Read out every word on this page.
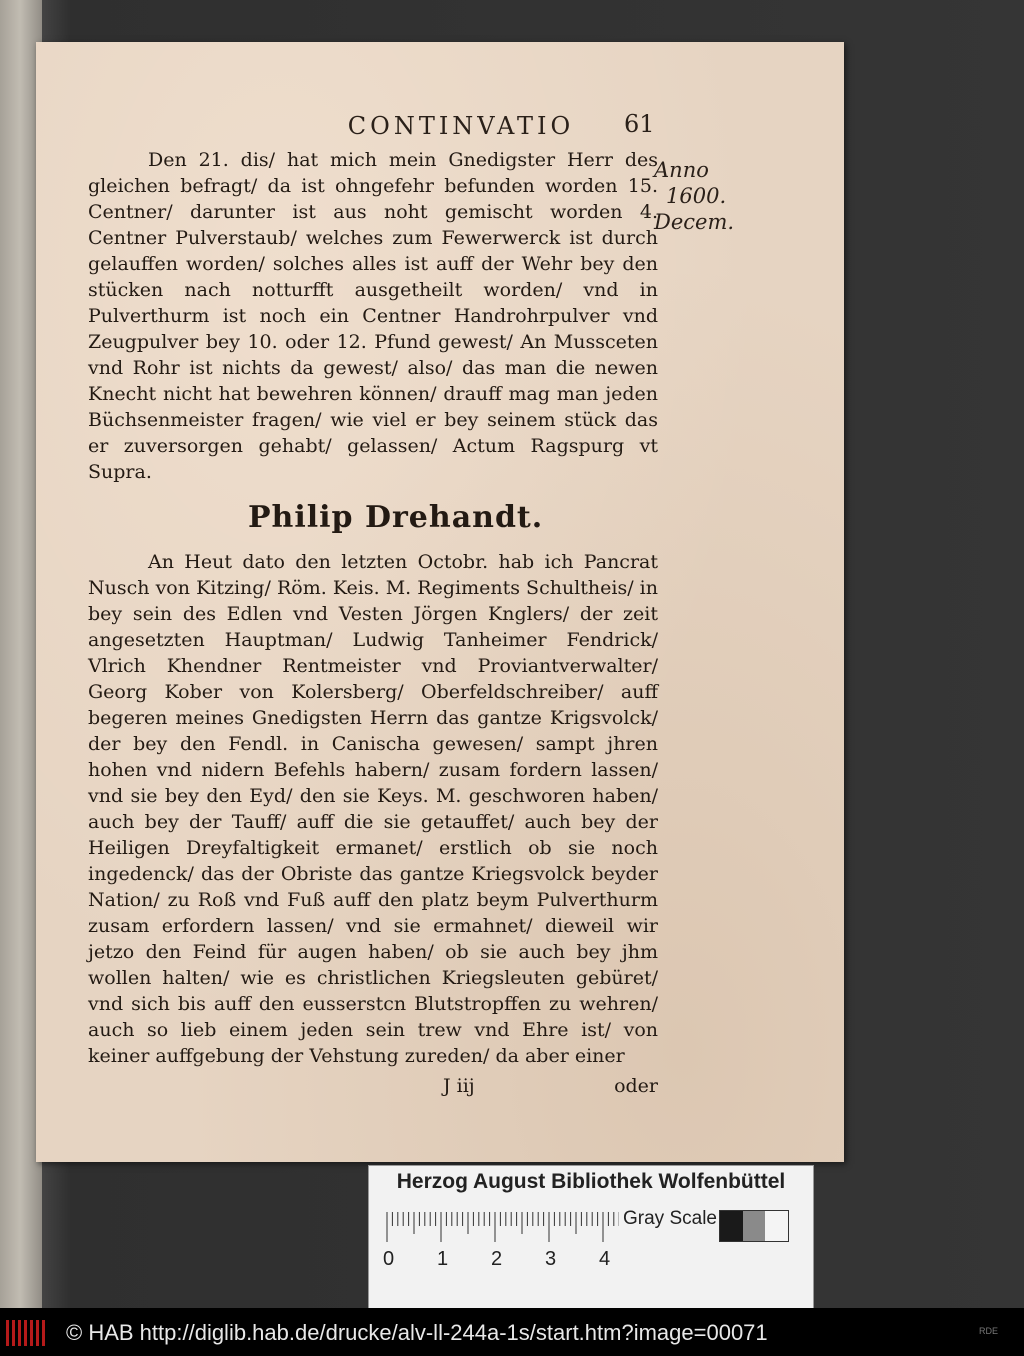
CONTINVATIO	61
Anno
1600.
Decem.

Den 21. dis/ hat mich mein Gnedigster Herr des gleichen befragt/ da ist ohngefehr befunden worden 15. Centner/ darunter ist aus noht gemischt worden 4. Centner Pulverstaub/ welches zum Fewerwerck ist durch gelauffen worden/ solches alles ist auff der Wehr bey den stücken nach notturfft ausgetheilt worden/ vnd in Pulverthurm ist noch ein Centner Handrohrpulver vnd Zeugpulver bey 10. oder 12. Pfund gewest/ An Mussceten vnd Rohr ist nichts da gewest/ also/ das man die newen Knecht nicht hat bewehren können/ drauff mag man jeden Büchsenmeister fragen/ wie viel er bey seinem stück das er zuversorgen gehabt/ gelassen/ Actum Ragspurg vt Supra.

Philip Drehandt.

An Heut dato den letzten Octobr. hab ich Pancrat Nusch von Kitzing/ Röm. Keis. M. Regiments Schultheis/ in bey sein des Edlen vnd Vesten Jörgen Knglers/ der zeit angesetzten Hauptman/ Ludwig Tanheimer Fendrick/ Vlrich Khendner Rentmeister vnd Proviantverwalter/ Georg Kober von Kolersberg/ Oberfeldschreiber/ auff begeren meines Gnedigsten Herrn das gantze Krigsvolck/ der bey den Fendl. in Canischa gewesen/ sampt jhren hohen vnd nidern Befehls habern/ zusam fordern lassen/ vnd sie bey den Eyd/ den sie Keys. M. geschworen haben/ auch bey der Tauff/ auff die sie getauffet/ auch bey der Heiligen Dreyfaltigkeit ermanet/ erstlich ob sie noch ingedenck/ das der Obriste das gantze Kriegsvolck beyder Nation/ zu Roß vnd Fuß auff den platz beym Pulverthurm zusam erfordern lassen/ vnd sie ermahnet/ dieweil wir jetzo den Feind für augen haben/ ob sie auch bey jhm wollen halten/ wie es christlichen Kriegsleuten gebüret/ vnd sich bis auff den eusserstcn Blutstropffen zu wehren/ auch so lieb einem jeden sein trew vnd Ehre ist/ von keiner auffgebung der Vehstung zureden/ da aber einer

J iij	oder
Herzog August Bibliothek Wolfenbüttel
0 1 2 3 4
Gray Scale
© HAB http://diglib.hab.de/drucke/alv-ll-244a-1s/start.htm?image=00071	RDE
